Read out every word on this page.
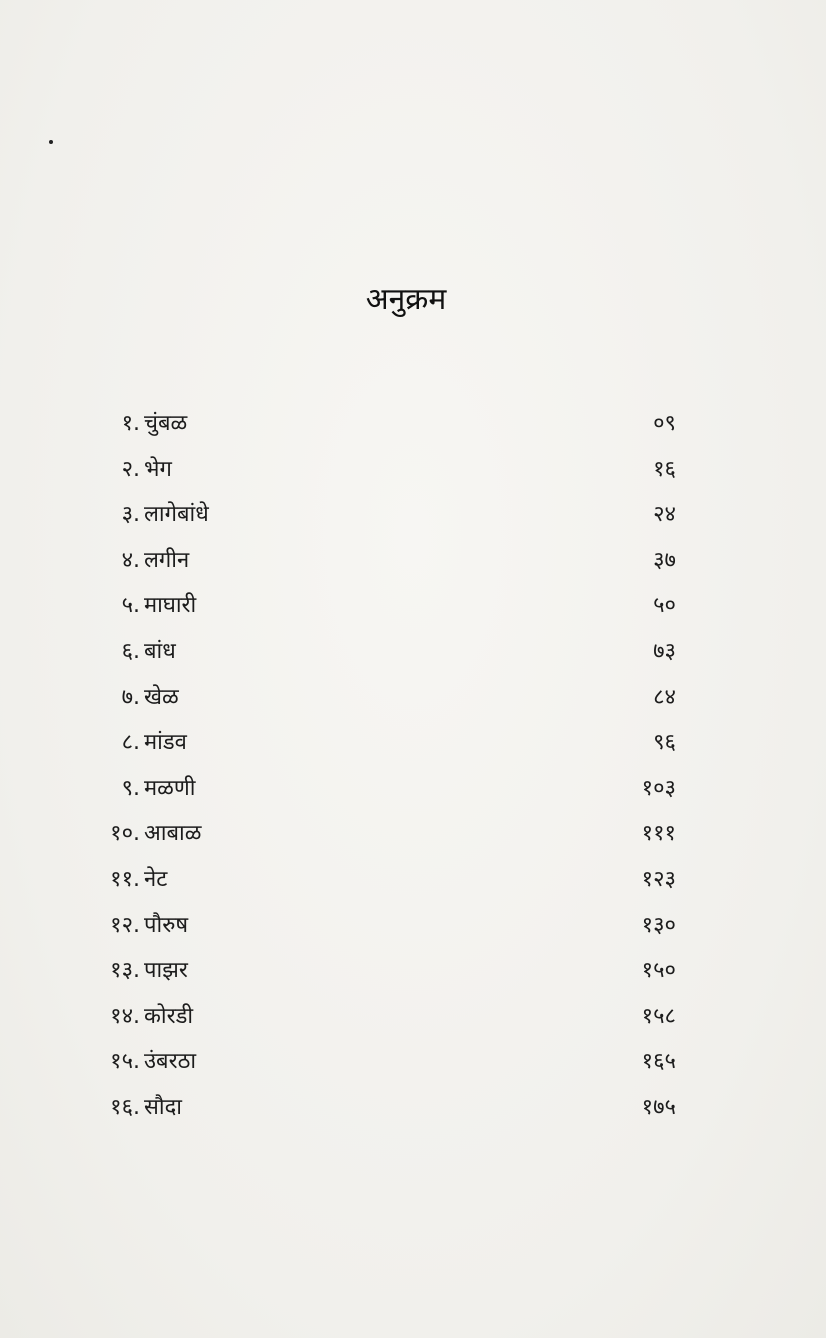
अनुक्रम
१. चुंबळ	०९
२. भेग	१६
३. लागेबांधे	२४
४. लगीन	३७
५. माघारी	५०
६. बांध	७३
७. खेळ	८४
८. मांडव	९६
९. मळणी	१०३
१०. आबाळ	१११
११. नेट	१२३
१२. पौरुष	१३०
१३. पाझर	१५०
१४. कोरडी	१५८
१५. उंबरठा	१६५
१६. सौदा	१७५
